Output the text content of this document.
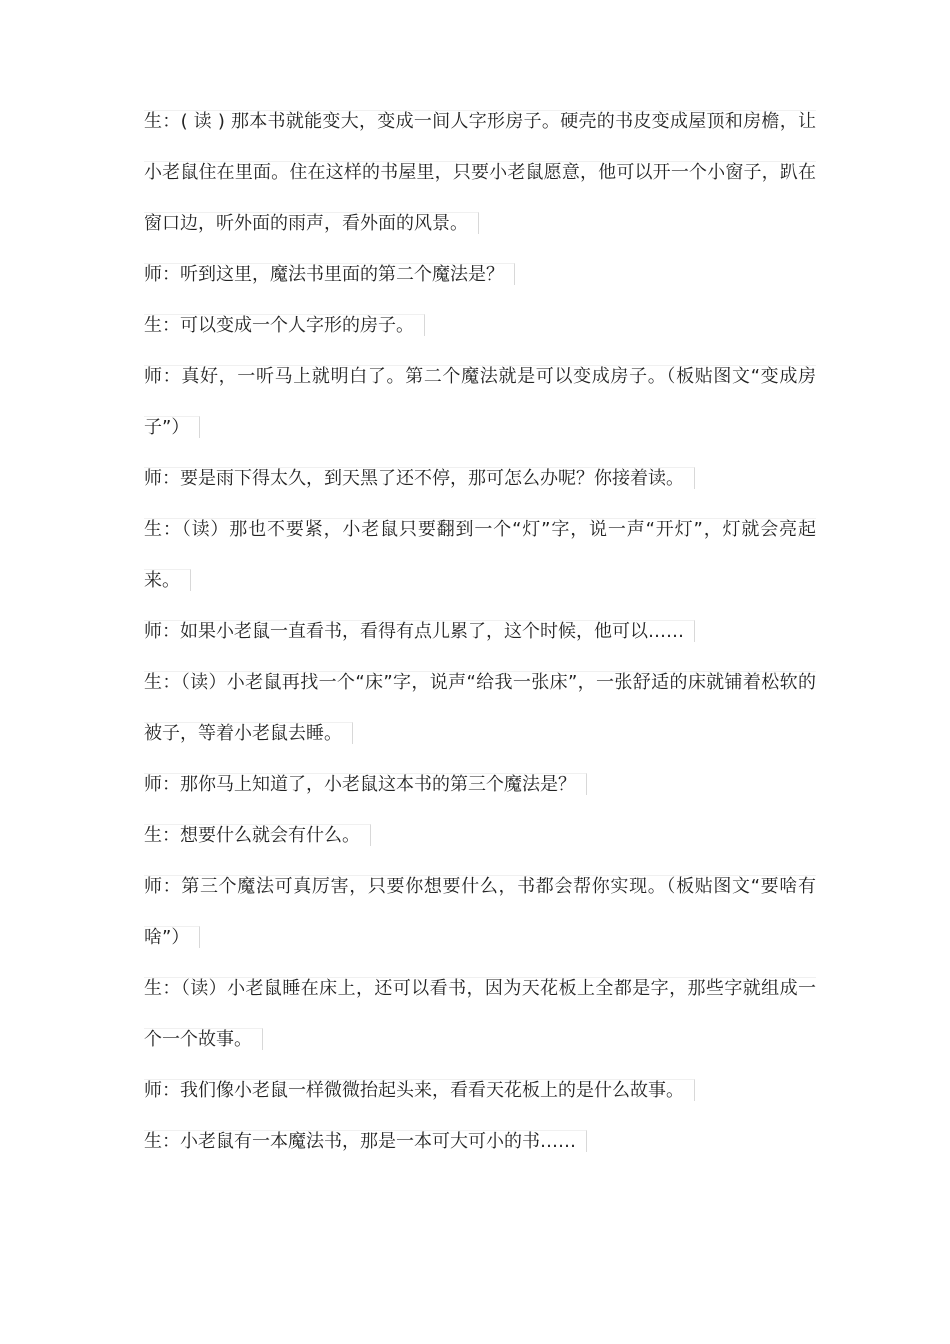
生：( 读 ) 那本书就能变大，变成一间人字形房子。硬壳的书皮变成屋顶和房檐，让小老鼠住在里面。住在这样的书屋里，只要小老鼠愿意，他可以开一个小窗子，趴在窗口边，听外面的雨声，看外面的风景。

师：听到这里，魔法书里面的第二个魔法是？

生：可以变成一个人字形的房子。

师：真好，一听马上就明白了。第二个魔法就是可以变成房子。（板贴图文“变成房子”）

师：要是雨下得太久，到天黑了还不停，那可怎么办呢？你接着读。

生：（读）那也不要紧，小老鼠只要翻到一个“灯”字，说一声“开灯”，灯就会亮起来。

师：如果小老鼠一直看书，看得有点儿累了，这个时候，他可以……

生：（读）小老鼠再找一个“床”字，说声“给我一张床”，一张舒适的床就铺着松软的被子，等着小老鼠去睡。

师：那你马上知道了，小老鼠这本书的第三个魔法是？

生：想要什么就会有什么。

师：第三个魔法可真厉害，只要你想要什么，书都会帮你实现。（板贴图文“要啥有啥”）

生：（读）小老鼠睡在床上，还可以看书，因为天花板上全都是字，那些字就组成一个一个故事。

师：我们像小老鼠一样微微抬起头来，看看天花板上的是什么故事。

生：小老鼠有一本魔法书，那是一本可大可小的书……
